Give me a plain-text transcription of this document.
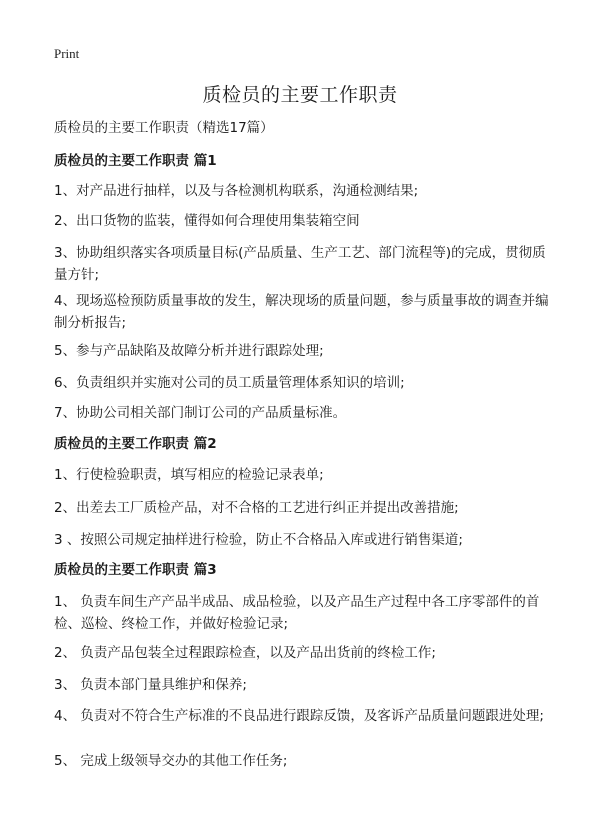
Print
质检员的主要工作职责
质检员的主要工作职责（精选17篇）
质检员的主要工作职责 篇1
1、对产品进行抽样，以及与各检测机构联系，沟通检测结果;
2、出口货物的监装，懂得如何合理使用集装箱空间
3、协助组织落实各项质量目标(产品质量、生产工艺、部门流程等)的完成，贯彻质量方针;
4、现场巡检预防质量事故的发生，解决现场的质量问题，参与质量事故的调查并编制分析报告;
5、参与产品缺陷及故障分析并进行跟踪处理;
6、负责组织并实施对公司的员工质量管理体系知识的培训;
7、协助公司相关部门制订公司的产品质量标准。
质检员的主要工作职责 篇2
1、行使检验职责，填写相应的检验记录表单;
2、出差去工厂质检产品，对不合格的工艺进行纠正并提出改善措施;
3 、按照公司规定抽样进行检验，防止不合格品入库或进行销售渠道;
质检员的主要工作职责 篇3
1、 负责车间生产产品半成品、成品检验，以及产品生产过程中各工序零部件的首检、巡检、终检工作，并做好检验记录;
2、 负责产品包装全过程跟踪检查，以及产品出货前的终检工作;
3、 负责本部门量具维护和保养;
4、 负责对不符合生产标准的不良品进行跟踪反馈，及客诉产品质量问题跟进处理;
5、 完成上级领导交办的其他工作任务;
